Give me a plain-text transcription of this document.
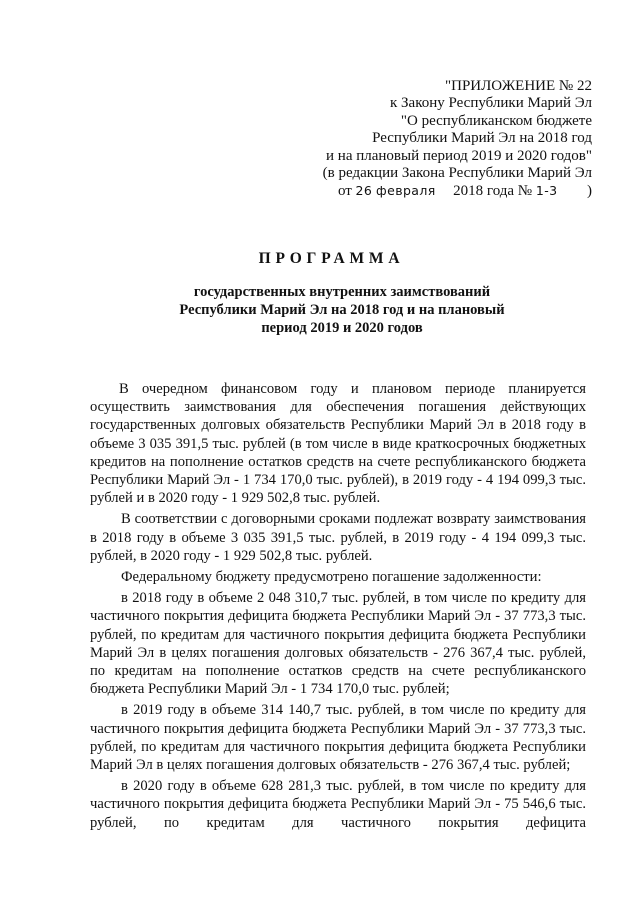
"ПРИЛОЖЕНИЕ № 22
к Закону Республики Марий Эл
"О республиканском бюджете
Республики Марий Эл на 2018 год
и на плановый период 2019 и 2020 годов"
(в редакции Закона Республики Марий Эл
от 26 февраля 2018 года № 1-3 )
ПРОГРАММА
государственных внутренних заимствований
Республики Марий Эл на 2018 год и на плановый
период 2019 и 2020 годов

В очередном финансовом году и плановом периоде планируется осуществить заимствования для обеспечения погашения действующих государственных долговых обязательств Республики Марий Эл в 2018 году в объеме 3 035 391,5 тыс. рублей (в том числе в виде краткосрочных бюджетных кредитов на пополнение остатков средств на счете республиканского бюджета Республики Марий Эл - 1 734 170,0 тыс. рублей), в 2019 году - 4 194 099,3 тыс. рублей и в 2020 году - 1 929 502,8 тыс. рублей.

В соответствии с договорными сроками подлежат возврату заимствования в 2018 году в объеме 3 035 391,5 тыс. рублей, в 2019 году - 4 194 099,3 тыс. рублей, в 2020 году - 1 929 502,8 тыс. рублей.

Федеральному бюджету предусмотрено погашение задолженности:

в 2018 году в объеме 2 048 310,7 тыс. рублей, в том числе по кредиту для частичного покрытия дефицита бюджета Республики Марий Эл - 37 773,3 тыс. рублей, по кредитам для частичного покрытия дефицита бюджета Республики Марий Эл в целях погашения долговых обязательств - 276 367,4 тыс. рублей, по кредитам на пополнение остатков средств на счете республиканского бюджета Республики Марий Эл - 1 734 170,0 тыс. рублей;

в 2019 году в объеме 314 140,7 тыс. рублей, в том числе по кредиту для частичного покрытия дефицита бюджета Республики Марий Эл - 37 773,3 тыс. рублей, по кредитам для частичного покрытия дефицита бюджета Республики Марий Эл в целях погашения долговых обязательств - 276 367,4 тыс. рублей;

в 2020 году в объеме 628 281,3 тыс. рублей, в том числе по кредиту для частичного покрытия дефицита бюджета Республики Марий Эл - 75 546,6 тыс. рублей, по кредитам для частичного покрытия дефицита
